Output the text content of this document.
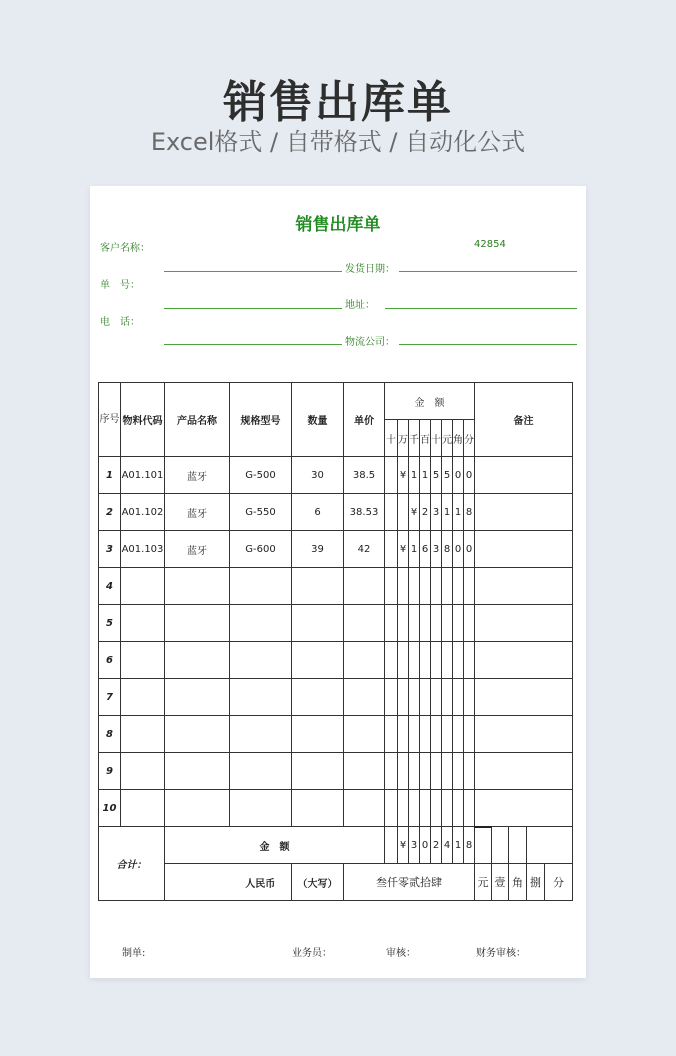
销售出库单
Excel格式 / 自带格式 / 自动化公式
销售出库单
42854
客户名称：
单　号：
发货日期：
地址：
电　话：
物流公司：
序号	物料代码	产品名称	规格型号	数量	单价	金　额								备注				
						十	万	千	百	十	元	角	分					
1	A01.101	蓝牙	G-500	30	38.5		¥	1	1	5	5	0	0					
2	A01.102	蓝牙	G-550	6	38.53			¥	2	3	1	1	8					
3	A01.103	蓝牙	G-600	39	42		¥	1	6	3	8	0	0					
4																		
5																		
6																		
7																		
8																		
9																		
10																		
合计：		金　额					¥	3	0	2	4	1	8					
			人民币	（大写）	叁仟零贰拾肆									元	壹	角	捌	分
制单:	业务员：	审核：	财务审核：
